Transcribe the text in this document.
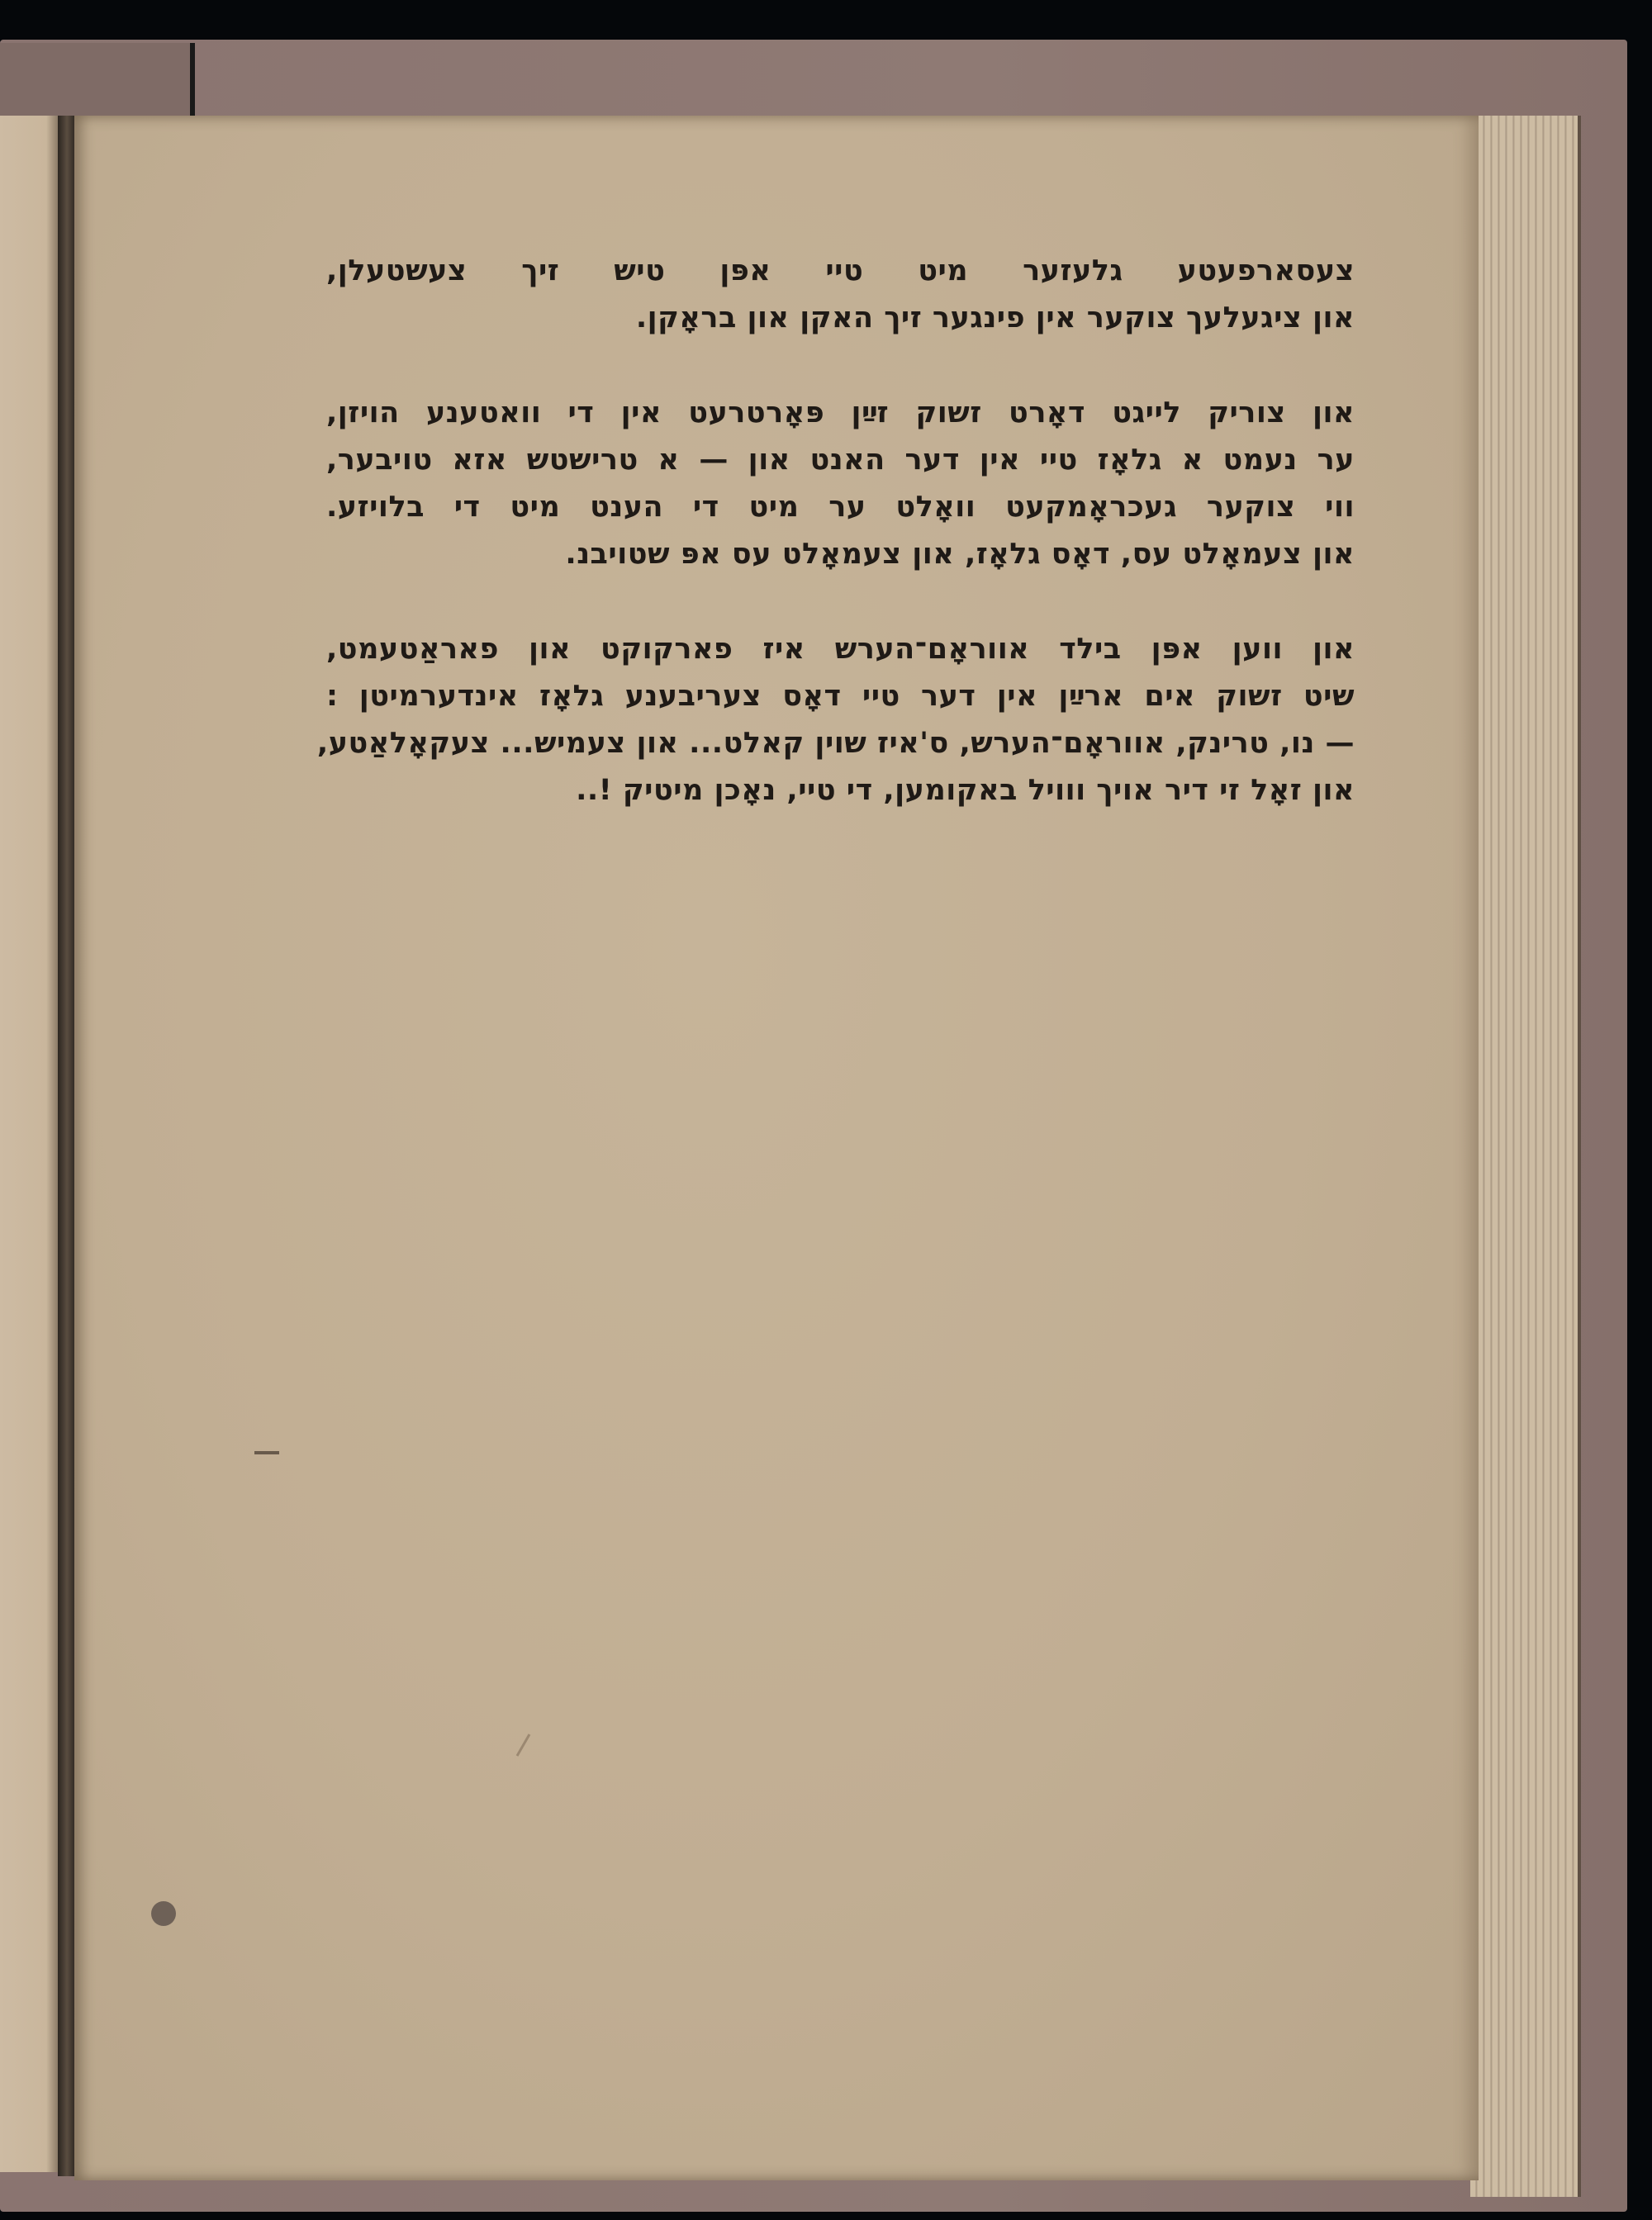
צעסארפעטע גלעזער מיט טיי אפּן טיש זיך צעשטעלן,
און ציגעלעך צוקער אין פינגער זיך האקן און בראָקן.
און צוריק לייגט דאָרט זשוק זײַן פּאָרטרעט אין די וואטענע הויזן,
ער נעמט א גלאָז טיי אין דער האנט און — א טרישטש אזא טויבער,
ווי צוקער געכראָמקעט וואָלט ער מיט די הענט מיט די בלויזע.
און צעמאָלט עס, דאָס גלאָז, און צעמאָלט עס אפּ שטויבנ.
און ווען אפּן בילד אווראָם־הערש איז פארקוקט און פאראַטעמט,
שיט זשוק אים ארײַן אין דער טיי דאָס צעריבענע גלאָז אינדערמיטן :
— נו, טרינק, אווראָם־הערש, ס'איז שוין קאלט... און צעמיש... צעקאָלאַטע,
און זאָל זי דיר אויך ווויל באקומען, די טיי, נאָכן מיטיק !..
